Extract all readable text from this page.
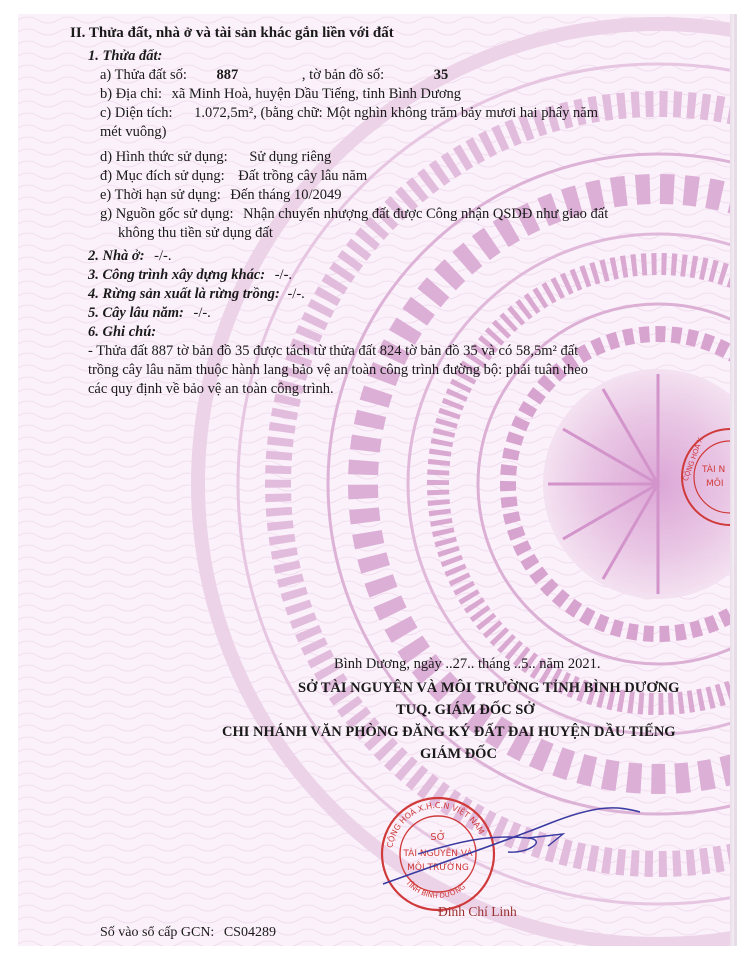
II. Thửa đất, nhà ở và tài sản khác gắn liền với đất
1. Thửa đất:
a) Thửa đất số: 887	, tờ bản đồ số:	35
b) Địa chỉ: xã Minh Hoà, huyện Dầu Tiếng, tỉnh Bình Dương
c) Diện tích: 1.072,5m², (bằng chữ: Một nghìn không trăm bảy mươi hai phẩy năm
mét vuông)
d) Hình thức sử dụng: Sử dụng riêng
đ) Mục đích sử dụng: Đất trồng cây lâu năm
e) Thời hạn sử dụng: Đến tháng 10/2049
g) Nguồn gốc sử dụng: Nhận chuyển nhượng đất được Công nhận QSDĐ như giao đất
không thu tiền sử dụng đất
2. Nhà ở: -/-.
3. Công trình xây dựng khác: -/-.
4. Rừng sản xuất là rừng trồng: -/-.
5. Cây lâu năm: -/-.
6. Ghi chú:
- Thửa đất 887 tờ bản đồ 35 được tách từ thửa đất 824 tờ bản đồ 35 và có 58,5m² đất
trồng cây lâu năm thuộc hành lang bảo vệ an toàn công trình đường bộ: phải tuân theo
các quy định về bảo vệ an toàn công trình.
CỘNG HOÀ X
TÀI N
MÔI
Bình Dương, ngày ..27.. tháng ..5.. năm 2021.
SỞ TÀI NGUYÊN VÀ MÔI TRƯỜNG TỈNH BÌNH DƯƠNG
TUQ. GIÁM ĐỐC SỞ
CHI NHÁNH VĂN PHÒNG ĐĂNG KÝ ĐẤT ĐAI HUYỆN DẦU TIẾNG
GIÁM ĐỐC
CỘNG HOÀ X.H.C.N VIỆT NAM
TỈNH BÌNH DƯƠNG
SỞ
TÀI NGUYÊN VÀ
MÔI TRƯỜNG
Đinh Chí Linh
Số vào sổ cấp GCN: CS04289
